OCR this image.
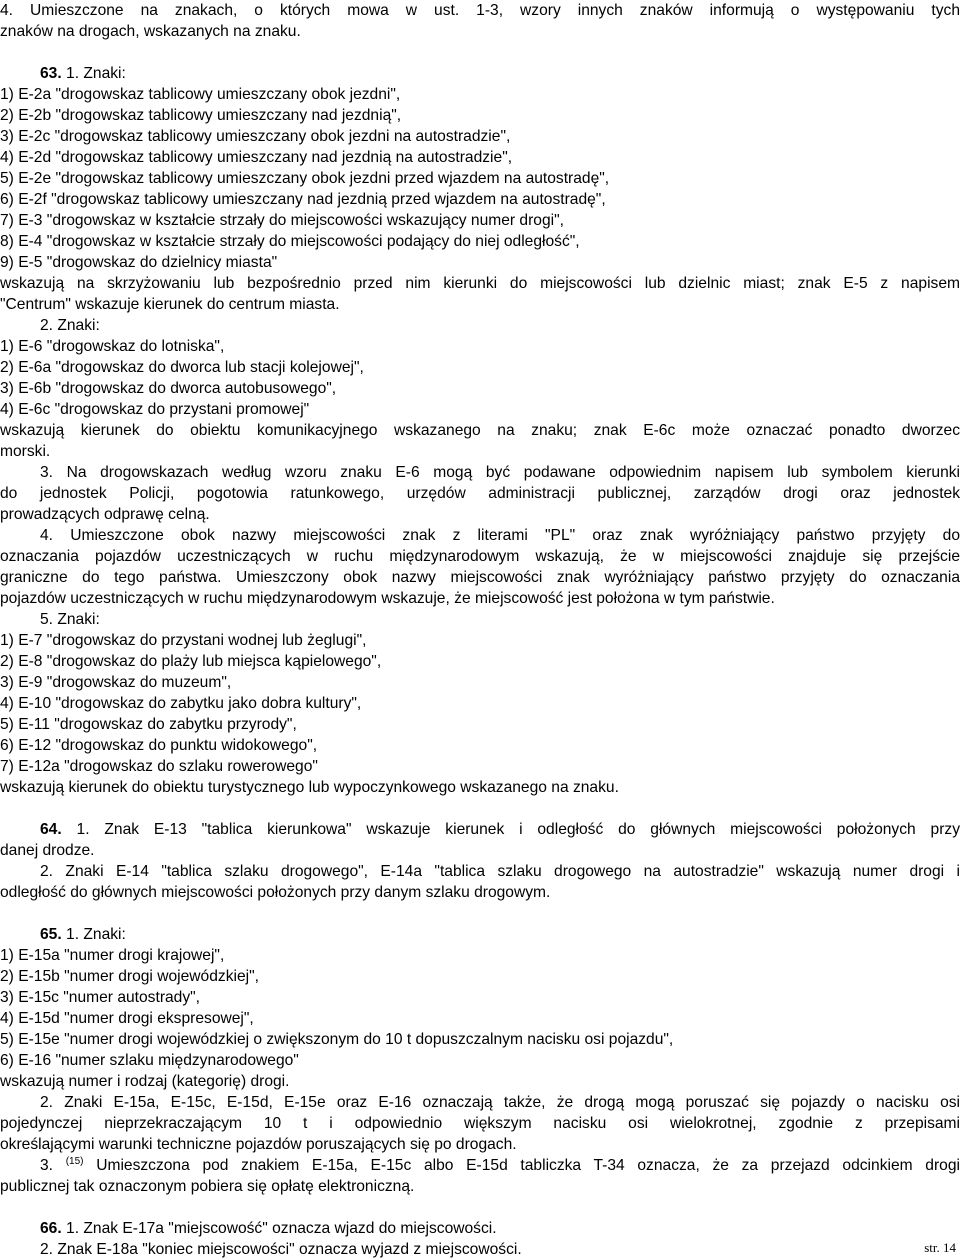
4. Umieszczone na znakach, o których mowa w ust. 1-3, wzory innych znaków informują o występowaniu tych
znaków na drogach, wskazanych na znaku.
63. 1. Znaki:
1) E-2a "drogowskaz tablicowy umieszczany obok jezdni",
2) E-2b "drogowskaz tablicowy umieszczany nad jezdnią",
3) E-2c "drogowskaz tablicowy umieszczany obok jezdni na autostradzie",
4) E-2d "drogowskaz tablicowy umieszczany nad jezdnią na autostradzie",
5) E-2e "drogowskaz tablicowy umieszczany obok jezdni przed wjazdem na autostradę",
6) E-2f "drogowskaz tablicowy umieszczany nad jezdnią przed wjazdem na autostradę",
7) E-3 "drogowskaz w kształcie strzały do miejscowości wskazujący numer drogi",
8) E-4 "drogowskaz w kształcie strzały do miejscowości podający do niej odległość",
9) E-5 "drogowskaz do dzielnicy miasta"
wskazują na skrzyżowaniu lub bezpośrednio przed nim kierunki do miejscowości lub dzielnic miast; znak E-5 z napisem
"Centrum" wskazuje kierunek do centrum miasta.
2. Znaki:
1) E-6 "drogowskaz do lotniska",
2) E-6a "drogowskaz do dworca lub stacji kolejowej",
3) E-6b "drogowskaz do dworca autobusowego",
4) E-6c "drogowskaz do przystani promowej"
wskazują kierunek do obiektu komunikacyjnego wskazanego na znaku; znak E-6c może oznaczać ponadto dworzec
morski.
3. Na drogowskazach według wzoru znaku E-6 mogą być podawane odpowiednim napisem lub symbolem kierunki
do jednostek Policji, pogotowia ratunkowego, urzędów administracji publicznej, zarządów drogi oraz jednostek
prowadzących odprawę celną.
4. Umieszczone obok nazwy miejscowości znak z literami "PL" oraz znak wyróżniający państwo przyjęty do
oznaczania pojazdów uczestniczących w ruchu międzynarodowym wskazują, że w miejscowości znajduje się przejście
graniczne do tego państwa. Umieszczony obok nazwy miejscowości znak wyróżniający państwo przyjęty do oznaczania
pojazdów uczestniczących w ruchu międzynarodowym wskazuje, że miejscowość jest położona w tym państwie.
5. Znaki:
1) E-7 "drogowskaz do przystani wodnej lub żeglugi",
2) E-8 "drogowskaz do plaży lub miejsca kąpielowego",
3) E-9 "drogowskaz do muzeum",
4) E-10 "drogowskaz do zabytku jako dobra kultury",
5) E-11 "drogowskaz do zabytku przyrody",
6) E-12 "drogowskaz do punktu widokowego",
7) E-12a "drogowskaz do szlaku rowerowego"
wskazują kierunek do obiektu turystycznego lub wypoczynkowego wskazanego na znaku.
64. 1. Znak E-13 "tablica kierunkowa" wskazuje kierunek i odległość do głównych miejscowości położonych przy
danej drodze.
2. Znaki E-14 "tablica szlaku drogowego", E-14a "tablica szlaku drogowego na autostradzie" wskazują numer drogi i
odległość do głównych miejscowości położonych przy danym szlaku drogowym.
65. 1. Znaki:
1) E-15a "numer drogi krajowej",
2) E-15b "numer drogi wojewódzkiej",
3) E-15c "numer autostrady",
4) E-15d "numer drogi ekspresowej",
5) E-15e "numer drogi wojewódzkiej o zwiększonym do 10 t dopuszczalnym nacisku osi pojazdu",
6) E-16 "numer szlaku międzynarodowego"
wskazują numer i rodzaj (kategorię) drogi.
2. Znaki E-15a, E-15c, E-15d, E-15e oraz E-16 oznaczają także, że drogą mogą poruszać się pojazdy o nacisku osi
pojedynczej nieprzekraczającym 10 t i odpowiednio większym nacisku osi wielokrotnej, zgodnie z przepisami
określającymi warunki techniczne pojazdów poruszających się po drogach.
3. $^{(15)}$ Umieszczona pod znakiem E-15a, E-15c albo E-15d tabliczka T-34 oznacza, że za przejazd odcinkiem drogi
publicznej tak oznaczonym pobiera się opłatę elektroniczną.
66. 1. Znak E-17a "miejscowość" oznacza wjazd do miejscowości.
2. Znak E-18a "koniec miejscowości" oznacza wyjazd z miejscowości.	str. 14
